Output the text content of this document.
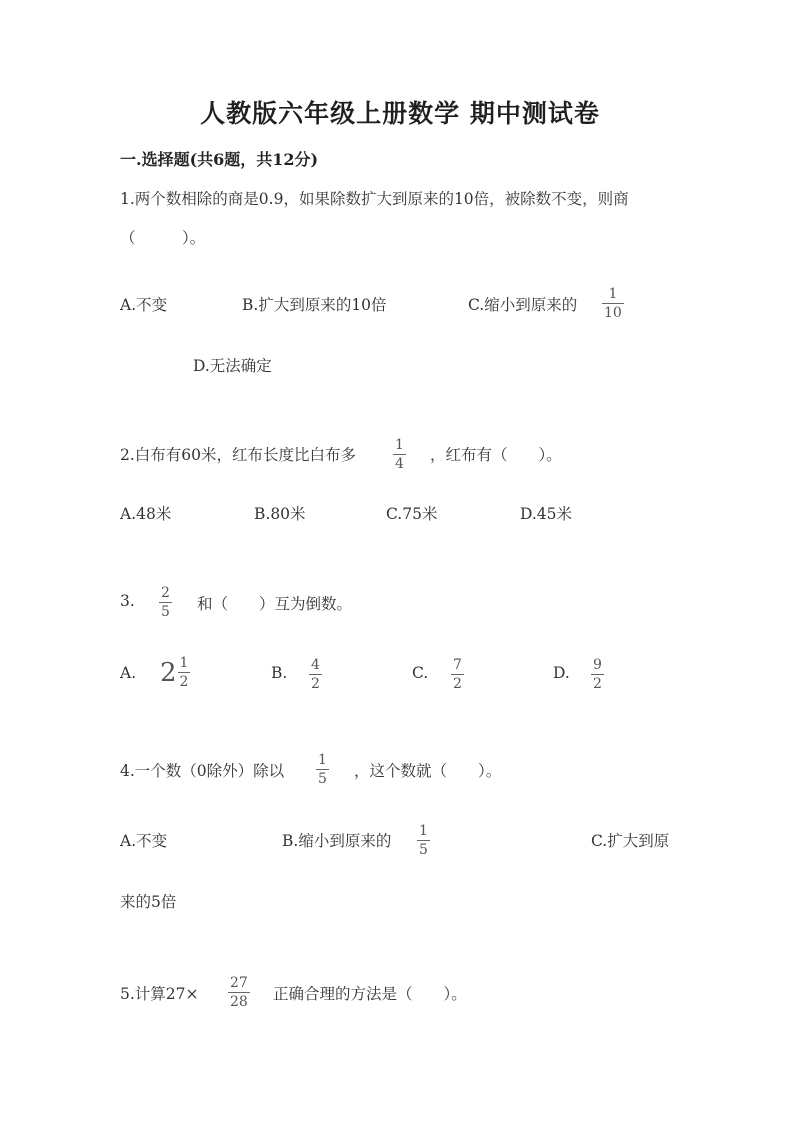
人教版六年级上册数学 期中测试卷
一.选择题(共6题，共12分)
1.两个数相除的商是0.9，如果除数扩大到原来的10倍，被除数不变，则商
（　　　）。
A.不变	B.扩大到原来的10倍	C.缩小到原来的
1
10
D.无法确定
2.白布有60米，红布长度比白布多
1
4 ，红布有（　　）。
A.48米	B.80米	C.75米	D.45米
3. 2
5 和（　　）互为倒数。
A. $2 \frac{1}{2}$	B. 4
2
C. 7
2
D. 9
2
4.一个数（0除外）除以
1
5 ，这个数就（　　）。
A.不变	B.缩小到原来的
1
5	C.扩大到原
来的5倍
5.计算27×
27
28 正确合理的方法是（　　）。
